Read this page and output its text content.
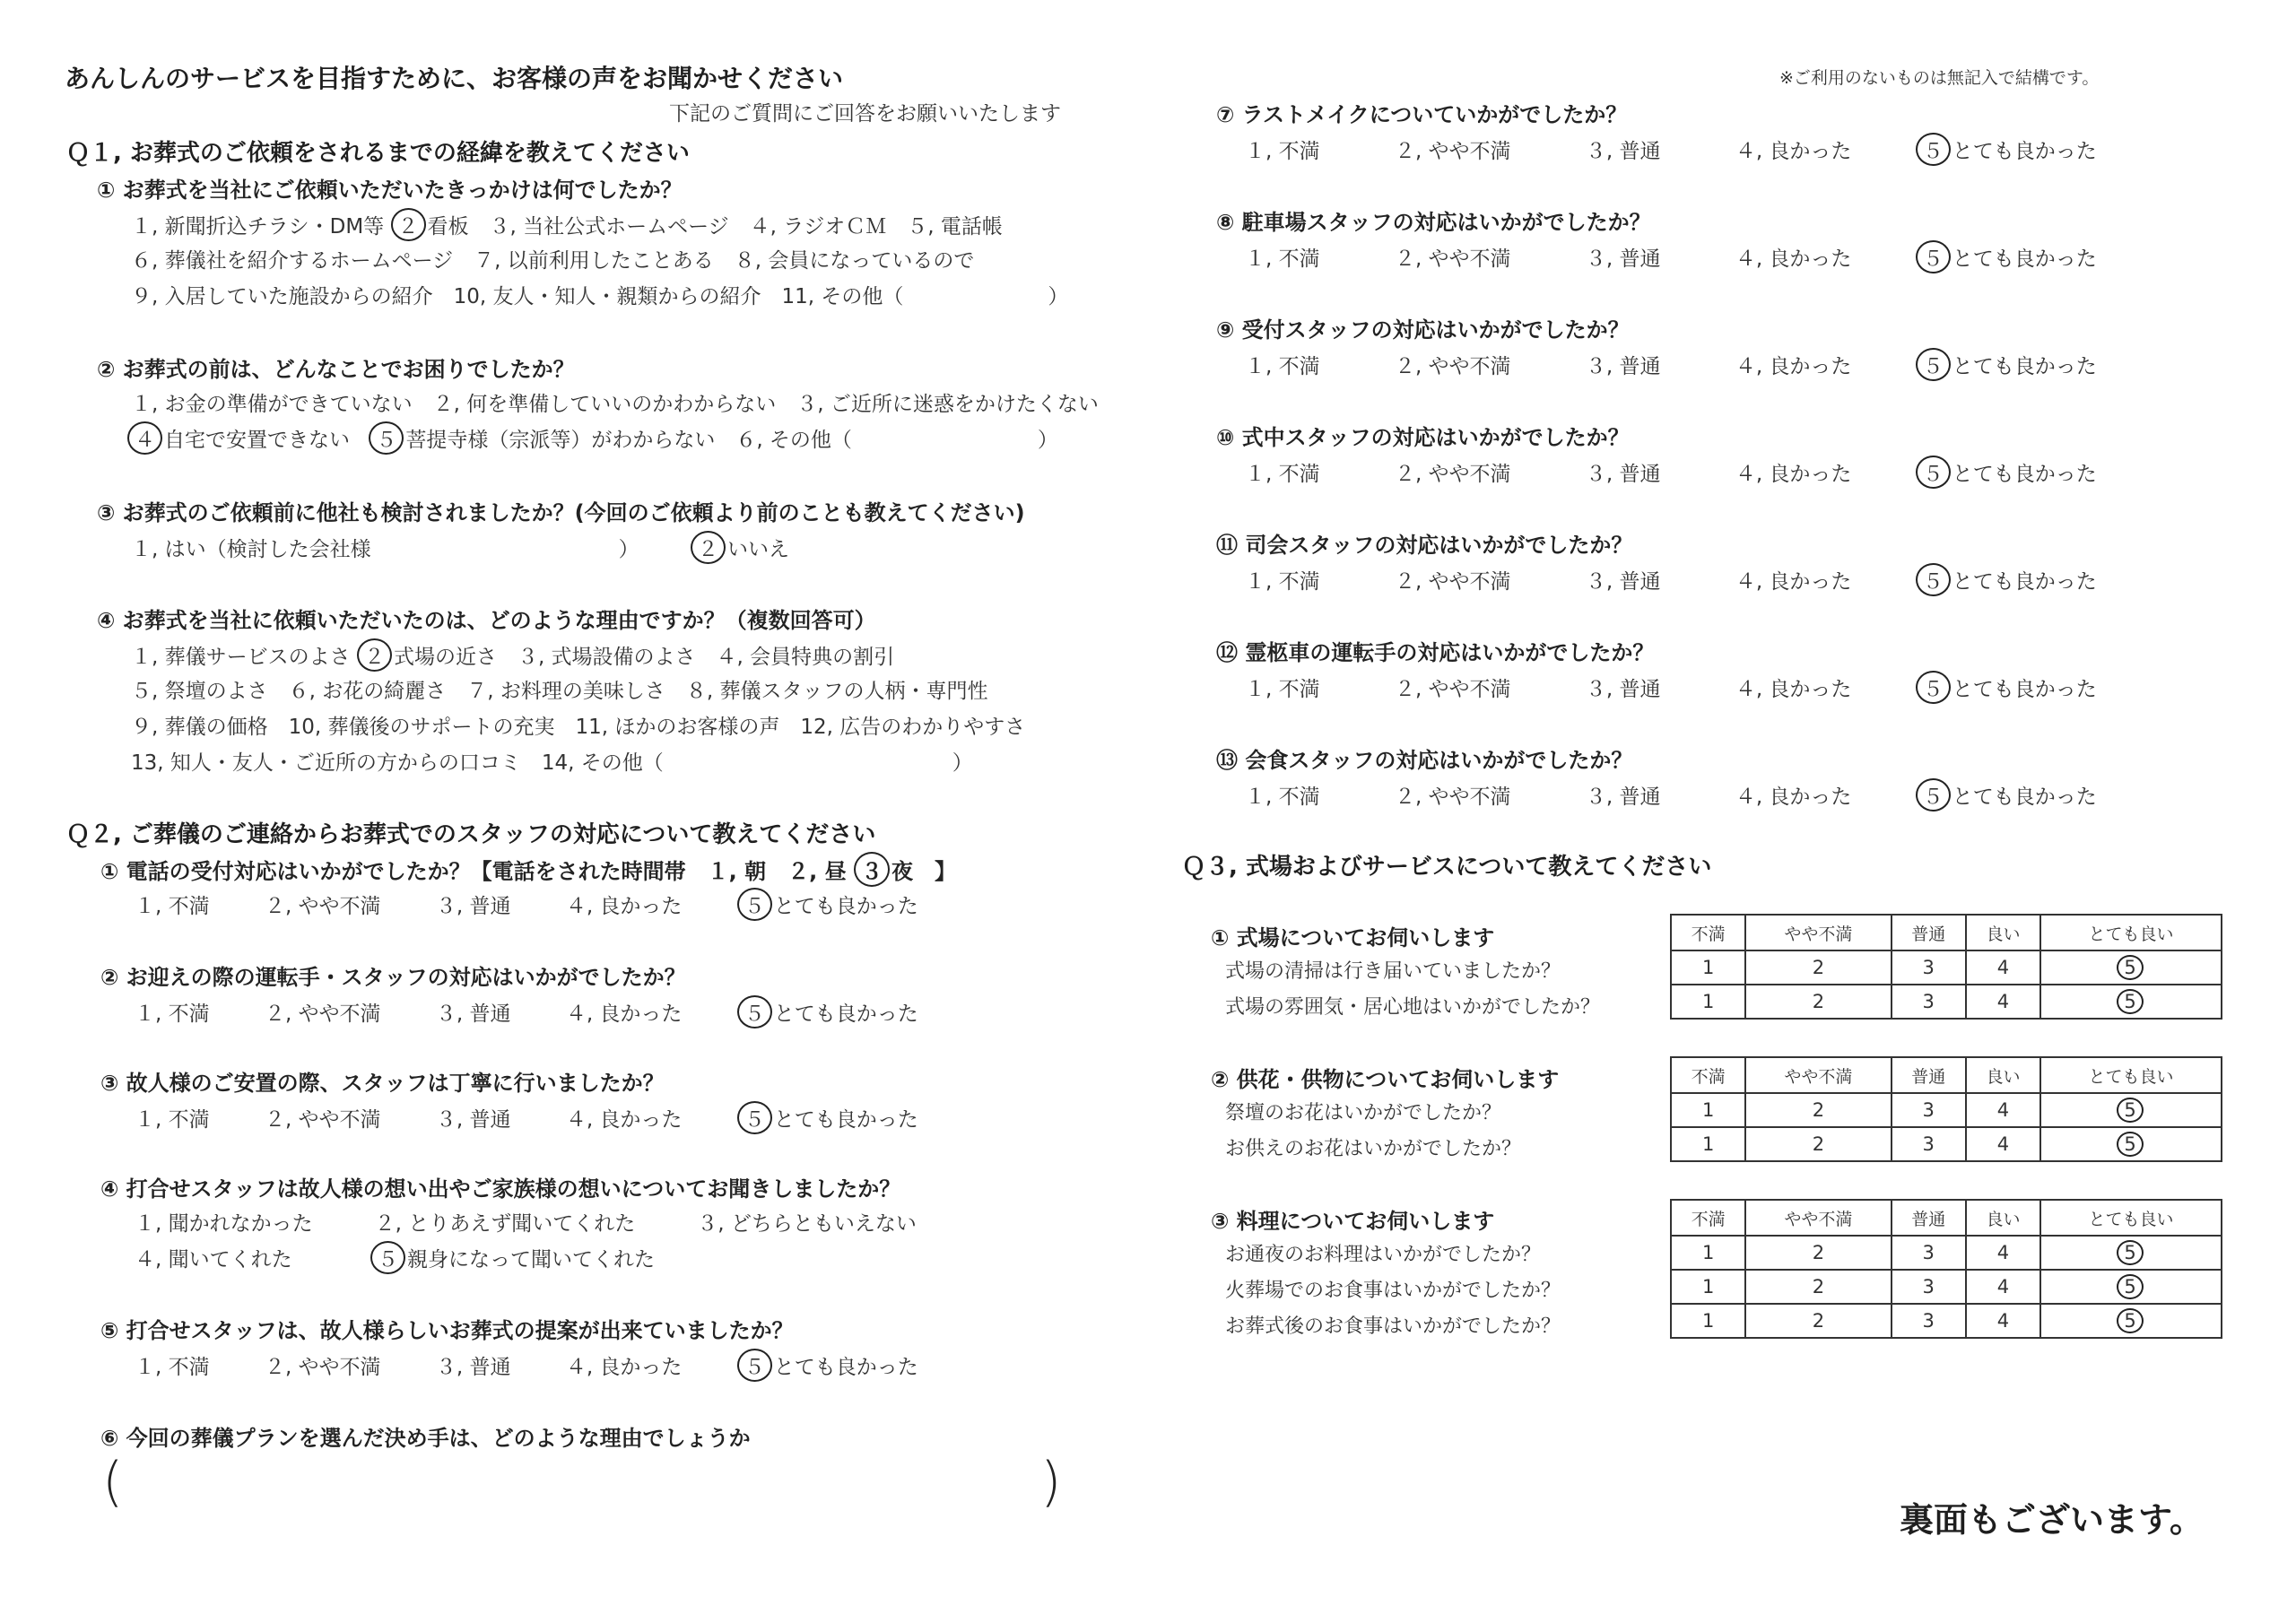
あんしんのサービスを目指すために、お客様の声をお聞かせください
下記のご質問にご回答をお願いいたします
※ご利用のないものは無記入で結構です。
Ｑ１, お葬式のご依頼をされるまでの経緯を教えてください
① お葬式を当社にご依頼いただいたきっかけは何でしたか？
１, 新聞折込チラシ・DM等 ２ 看板　３, 当社公式ホームページ　４, ラジオＣＭ　５, 電話帳
６, 葬儀社を紹介するホームページ　７, 以前利用したことある　８, 会員になっているので
９, 入居していた施設からの紹介　10, 友人・知人・親類からの紹介　11, その他（　　　　　　　）
② お葬式の前は、どんなことでお困りでしたか？
１, お金の準備ができていない　２, 何を準備していいのかわからない　３, ご近所に迷惑をかけたくない
４ 自宅で安置できない ５ 菩提寺様（宗派等）がわからない　６, その他（　　　　　　　　　）
③ お葬式のご依頼前に他社も検討されましたか？(今回のご依頼より前のことも教えてください)
１, はい（検討した会社様　　　　　　　　　　　　）	２ いいえ
④ お葬式を当社に依頼いただいたのは、どのような理由ですか？（複数回答可）
１, 葬儀サービスのよさ ２ 式場の近さ　３, 式場設備のよさ　４, 会員特典の割引
５, 祭壇のよさ　６, お花の綺麗さ　７, お料理の美味しさ　８, 葬儀スタッフの人柄・専門性
９, 葬儀の価格　10, 葬儀後のサポートの充実　11, ほかのお客様の声　12, 広告のわかりやすさ
13, 知人・友人・ご近所の方からの口コミ　14, その他（　　　　　　　　　　　　　　）
Ｑ２, ご葬儀のご連絡からお葬式でのスタッフの対応について教えてください
① 電話の受付対応はいかがでしたか？【電話をされた時間帯　１, 朝　２, 昼 ３ 夜　】
１, 不満	２, やや不満	３, 普通	４, 良かった	５ とても良かった
② お迎えの際の運転手・スタッフの対応はいかがでしたか？
１, 不満	２, やや不満	３, 普通	４, 良かった	５ とても良かった
③ 故人様のご安置の際、スタッフは丁寧に行いましたか？
１, 不満	２, やや不満	３, 普通	４, 良かった	５ とても良かった
④ 打合せスタッフは故人様の想い出やご家族様の想いについてお聞きしましたか？
１, 聞かれなかった　　　２, とりあえず聞いてくれた　　　３, どちらともいえない
４, 聞いてくれた	５ 親身になって聞いてくれた
⑤ 打合せスタッフは、故人様らしいお葬式の提案が出来ていましたか？
１, 不満	２, やや不満	３, 普通	４, 良かった	５ とても良かった
⑥ 今回の葬儀プランを選んだ決め手は、どのような理由でしょうか
(	)
⑦ ラストメイクについていかがでしたか？
１, 不満	２, やや不満	３, 普通	４, 良かった	５ とても良かった
⑧ 駐車場スタッフの対応はいかがでしたか？
１, 不満	２, やや不満	３, 普通	４, 良かった	５ とても良かった
⑨ 受付スタッフの対応はいかがでしたか？
１, 不満	２, やや不満	３, 普通	４, 良かった	５ とても良かった
⑩ 式中スタッフの対応はいかがでしたか？
１, 不満	２, やや不満	３, 普通	４, 良かった	５ とても良かった
⑪ 司会スタッフの対応はいかがでしたか？
１, 不満	２, やや不満	３, 普通	４, 良かった	５ とても良かった
⑫ 霊柩車の運転手の対応はいかがでしたか？
１, 不満	２, やや不満	３, 普通	４, 良かった	５ とても良かった
⑬ 会食スタッフの対応はいかがでしたか？
１, 不満	２, やや不満	３, 普通	４, 良かった	５ とても良かった
Ｑ３, 式場およびサービスについて教えてください
① 式場についてお伺いします
式場の清掃は行き届いていましたか？
式場の雰囲気・居心地はいかがでしたか？
不満	やや不満	普通	良い	とても良い
1	2	3	4	5
1	2	3	4	5
② 供花・供物についてお伺いします
祭壇のお花はいかがでしたか？
お供えのお花はいかがでしたか？
不満	やや不満	普通	良い	とても良い
1	2	3	4	5
1	2	3	4	5
③ 料理についてお伺いします
お通夜のお料理はいかがでしたか？
火葬場でのお食事はいかがでしたか？
お葬式後のお食事はいかがでしたか？
不満	やや不満	普通	良い	とても良い
1	2	3	4	5
1	2	3	4	5
1	2	3	4	5
裏面もございます。
